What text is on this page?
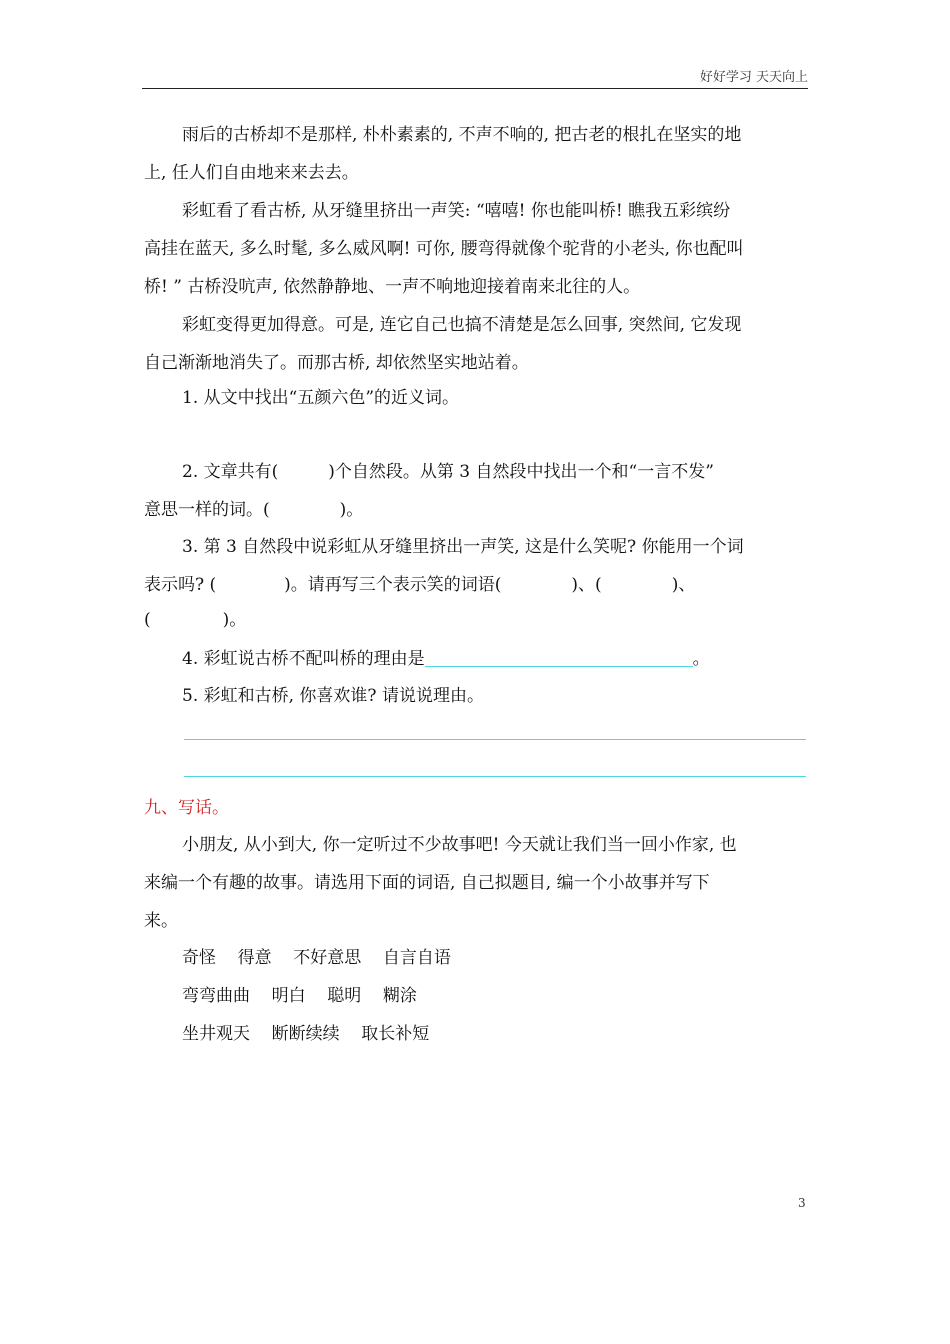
好好学习 天天向上
雨后的古桥却不是那样, 朴朴素素的, 不声不响的, 把古老的根扎在坚实的地
上, 任人们自由地来来去去。
彩虹看了看古桥, 从牙缝里挤出一声笑: “嘻嘻! 你也能叫桥! 瞧我五彩缤纷
高挂在蓝天, 多么时髦, 多么威风啊! 可你, 腰弯得就像个驼背的小老头, 你也配叫
桥! ” 古桥没吭声, 依然静静地、一声不响地迎接着南来北往的人。
彩虹变得更加得意。可是, 连它自己也搞不清楚是怎么回事, 突然间, 它发现
自己渐渐地消失了。而那古桥, 却依然坚实地站着。
1. 从文中找出“五颜六色”的近义词。
2. 文章共有(	)个自然段。从第 3 自然段中找出一个和“一言不发”
意思一样的词。(	)。
3. 第 3 自然段中说彩虹从牙缝里挤出一声笑, 这是什么笑呢? 你能用一个词
表示吗? (	)。请再写三个表示笑的词语(	)、(	)、
(	)。
4. 彩虹说古桥不配叫桥的理由是	。
5. 彩虹和古桥, 你喜欢谁? 请说说理由。
九、写话。
小朋友, 从小到大, 你一定听过不少故事吧! 今天就让我们当一回小作家, 也
来编一个有趣的故事。请选用下面的词语, 自己拟题目, 编一个小故事并写下
来。
奇怪 得意 不好意思 自言自语
弯弯曲曲 明白 聪明 糊涂
坐井观天 断断续续 取长补短
3
